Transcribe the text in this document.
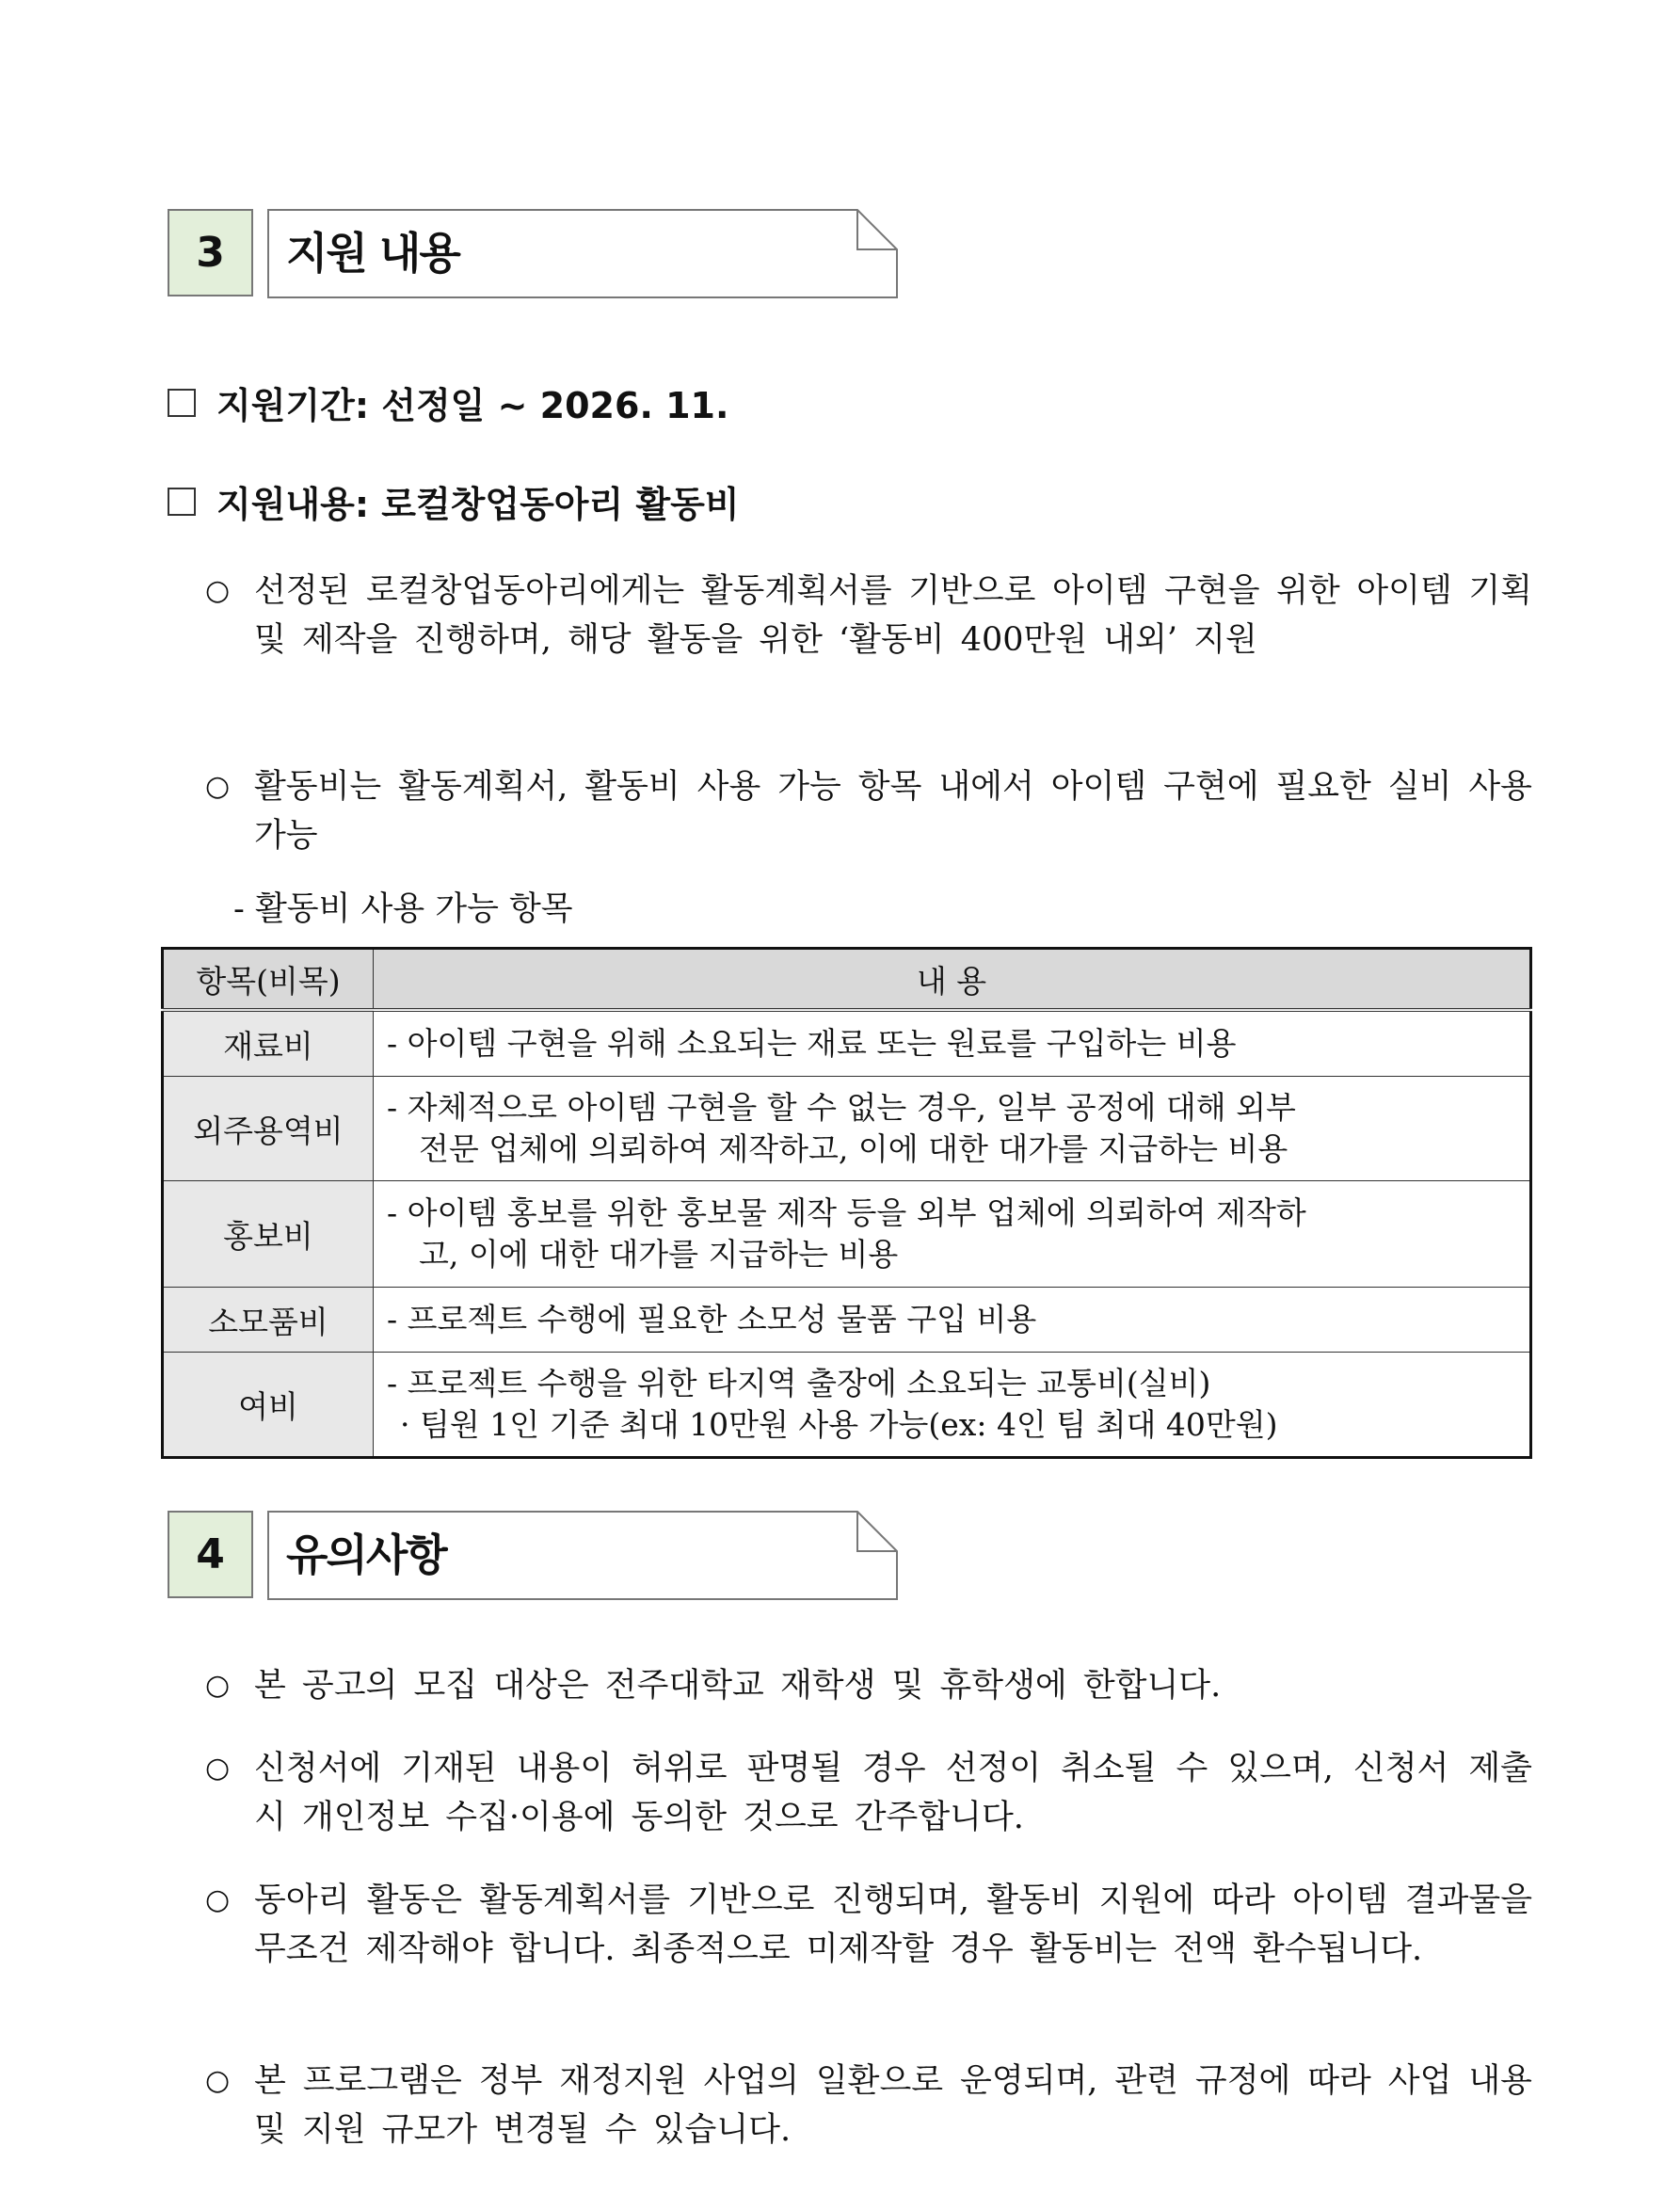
3	지원 내용
지원기간: 선정일 ~ 2026. 11.
지원내용: 로컬창업동아리 활동비
○ 선정된 로컬창업동아리에게는 활동계획서를 기반으로 아이템 구현을 위한 아이템 기획 및 제작을 진행하며, 해당 활동을 위한 ‘활동비 400만원 내외’ 지원
○ 활동비는 활동계획서, 활동비 사용 가능 항목 내에서 아이템 구현에 필요한 실비 사용 가능
- 활동비 사용 가능 항목
항목(비목)	내 용
재료비	- 아이템 구현을 위해 소요되는 재료 또는 원료를 구입하는 비용
외주용역비	- 자체적으로 아이템 구현을 할 수 없는 경우, 일부 공정에 대해 외부
전문 업체에 의뢰하여 제작하고, 이에 대한 대가를 지급하는 비용

홍보비	- 아이템 홍보를 위한 홍보물 제작 등을 외부 업체에 의뢰하여 제작하
고, 이에 대한 대가를 지급하는 비용

소모품비	- 프로젝트 수행에 필요한 소모성 물품 구입 비용
여비	- 프로젝트 수행을 위한 타지역 출장에 소요되는 교통비(실비)
· 팀원 1인 기준 최대 10만원 사용 가능(ex: 4인 팀 최대 40만원)
4	유의사항
○ 본 공고의 모집 대상은 전주대학교 재학생 및 휴학생에 한합니다.
○ 신청서에 기재된 내용이 허위로 판명될 경우 선정이 취소될 수 있으며, 신청서 제출 시 개인정보 수집·이용에 동의한 것으로 간주합니다.
○ 동아리 활동은 활동계획서를 기반으로 진행되며, 활동비 지원에 따라 아이템 결과물을 무조건 제작해야 합니다. 최종적으로 미제작할 경우 활동비는 전액 환수됩니다.
○ 본 프로그램은 정부 재정지원 사업의 일환으로 운영되며, 관련 규정에 따라 사업 내용 및 지원 규모가 변경될 수 있습니다.
